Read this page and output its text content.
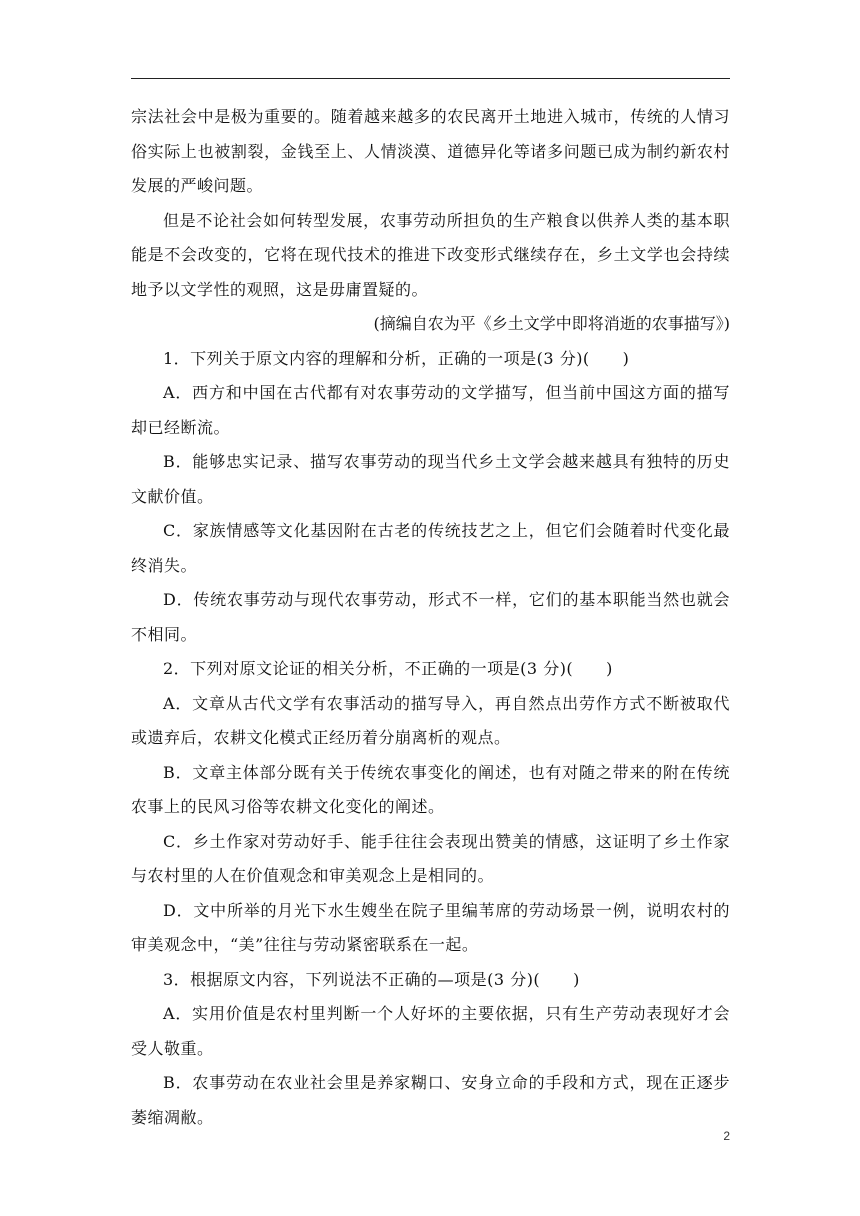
宗法社会中是极为重要的。随着越来越多的农民离开土地进入城市，传统的人情习俗实际上也被割裂，金钱至上、人情淡漠、道德异化等诸多问题已成为制约新农村发展的严峻问题。

但是不论社会如何转型发展，农事劳动所担负的生产粮食以供养人类的基本职能是不会改变的，它将在现代技术的推进下改变形式继续存在，乡土文学也会持续地予以文学性的观照，这是毋庸置疑的。

(摘编自农为平《乡土文学中即将消逝的农事描写》)

1．下列关于原文内容的理解和分析，正确的一项是(3 分)(　　)

A．西方和中国在古代都有对农事劳动的文学描写，但当前中国这方面的描写却已经断流。

B．能够忠实记录、描写农事劳动的现当代乡土文学会越来越具有独特的历史文献价值。

C．家族情感等文化基因附在古老的传统技艺之上，但它们会随着时代变化最终消失。

D．传统农事劳动与现代农事劳动，形式不一样，它们的基本职能当然也就会不相同。

2．下列对原文论证的相关分析，不正确的一项是(3 分)(　　)

A．文章从古代文学有农事活动的描写导入，再自然点出劳作方式不断被取代或遗弃后，农耕文化模式正经历着分崩离析的观点。

B．文章主体部分既有关于传统农事变化的阐述，也有对随之带来的附在传统农事上的民风习俗等农耕文化变化的阐述。

C．乡土作家对劳动好手、能手往往会表现出赞美的情感，这证明了乡土作家与农村里的人在价值观念和审美观念上是相同的。

D．文中所举的月光下水生嫂坐在院子里编苇席的劳动场景一例，说明农村的审美观念中，“美”往往与劳动紧密联系在一起。

3．根据原文内容，下列说法不正确的—项是(3 分)(　　)

A．实用价值是农村里判断一个人好坏的主要依据，只有生产劳动表现好才会受人敬重。

B．农事劳动在农业社会里是养家糊口、安身立命的手段和方式，现在正逐步萎缩凋敝。

2
